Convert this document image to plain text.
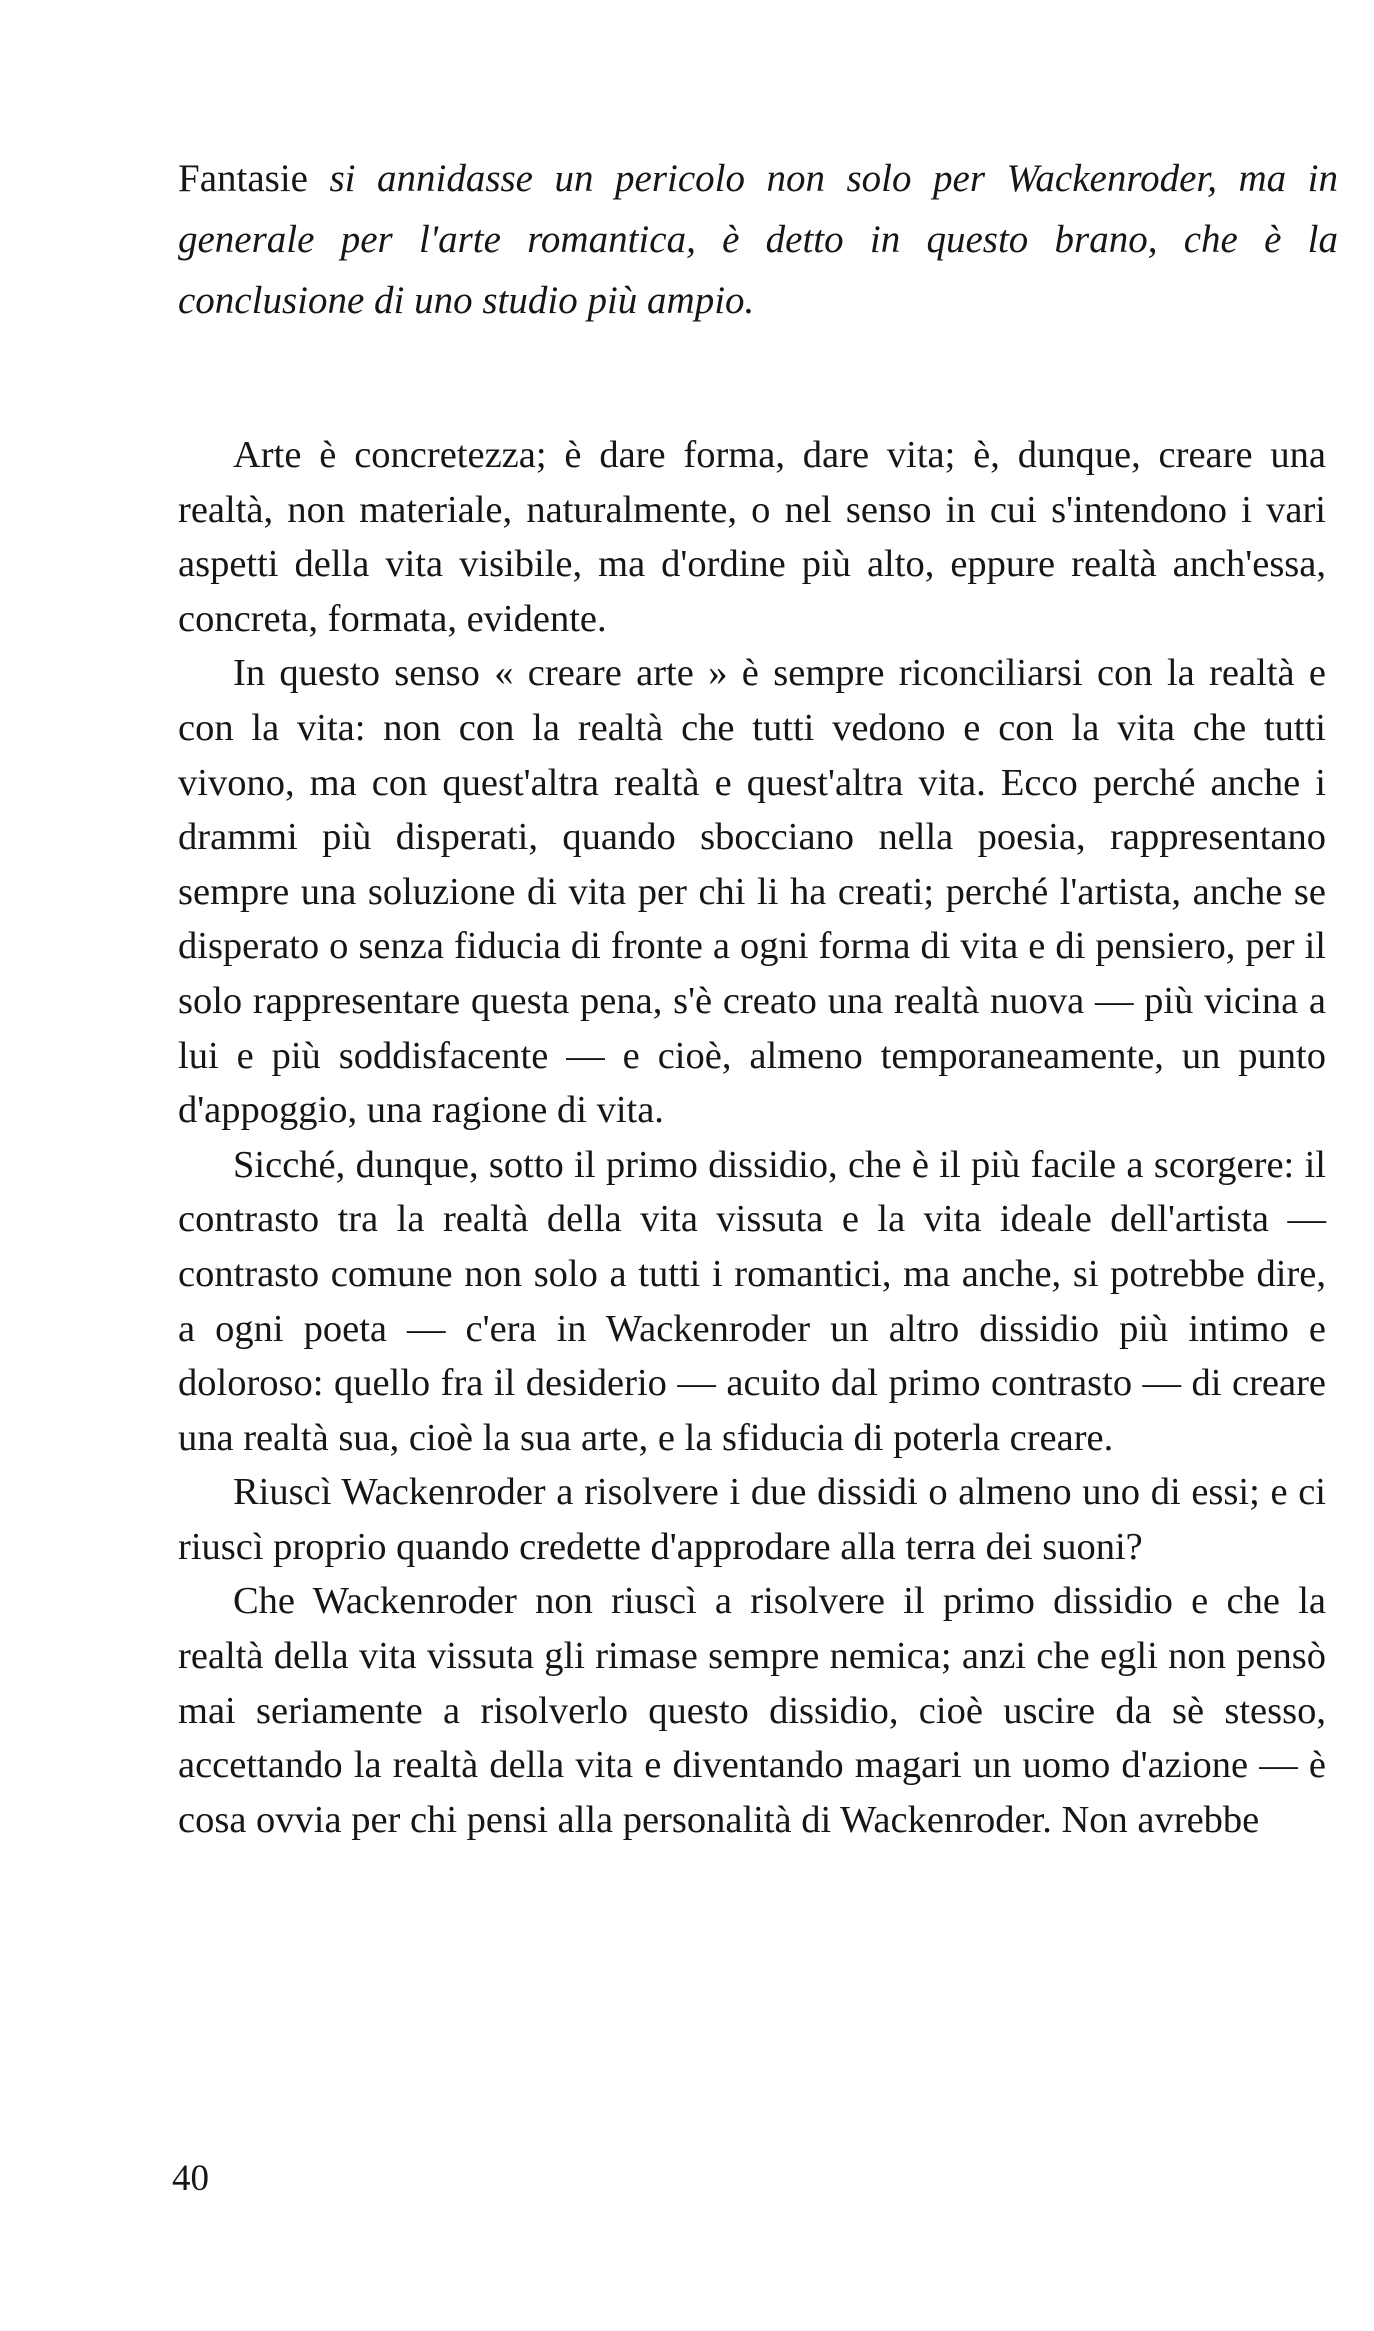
Fantasie si annidasse un pericolo non solo per Wackenroder, ma in generale per l'arte romantica, è detto in questo brano, che è la conclusione di uno studio più ampio.

Arte è concretezza; è dare forma, dare vita; è, dunque, creare una realtà, non materiale, naturalmente, o nel senso in cui s'intendono i vari aspetti della vita visibile, ma d'ordine più alto, eppure realtà anch'essa, concreta, formata, evidente.

In questo senso « creare arte » è sempre riconciliarsi con la realtà e con la vita: non con la realtà che tutti vedono e con la vita che tutti vivono, ma con quest'altra realtà e quest'altra vita. Ecco perché anche i drammi più disperati, quando sbocciano nella poesia, rappresentano sempre una soluzione di vita per chi li ha creati; perché l'artista, anche se disperato o senza fiducia di fronte a ogni forma di vita e di pensiero, per il solo rappresentare questa pena, s'è creato una realtà nuova — più vicina a lui e più soddisfacente — e cioè, almeno temporaneamente, un punto d'appoggio, una ragione di vita.

Sicché, dunque, sotto il primo dissidio, che è il più facile a scorgere: il contrasto tra la realtà della vita vissuta e la vita ideale dell'artista — contrasto comune non solo a tutti i romantici, ma anche, si potrebbe dire, a ogni poeta — c'era in Wackenroder un altro dissidio più intimo e doloroso: quello fra il desiderio — acuito dal primo contrasto — di creare una realtà sua, cioè la sua arte, e la sfiducia di poterla creare.

Riuscì Wackenroder a risolvere i due dissidi o almeno uno di essi; e ci riuscì proprio quando credette d'approdare alla terra dei suoni?

Che Wackenroder non riuscì a risolvere il primo dissidio e che la realtà della vita vissuta gli rimase sempre nemica; anzi che egli non pensò mai seriamente a risolverlo questo dissidio, cioè uscire da sè stesso, accettando la realtà della vita e diventando magari un uomo d'azione — è cosa ovvia per chi pensi alla personalità di Wackenroder. Non avrebbe

40
